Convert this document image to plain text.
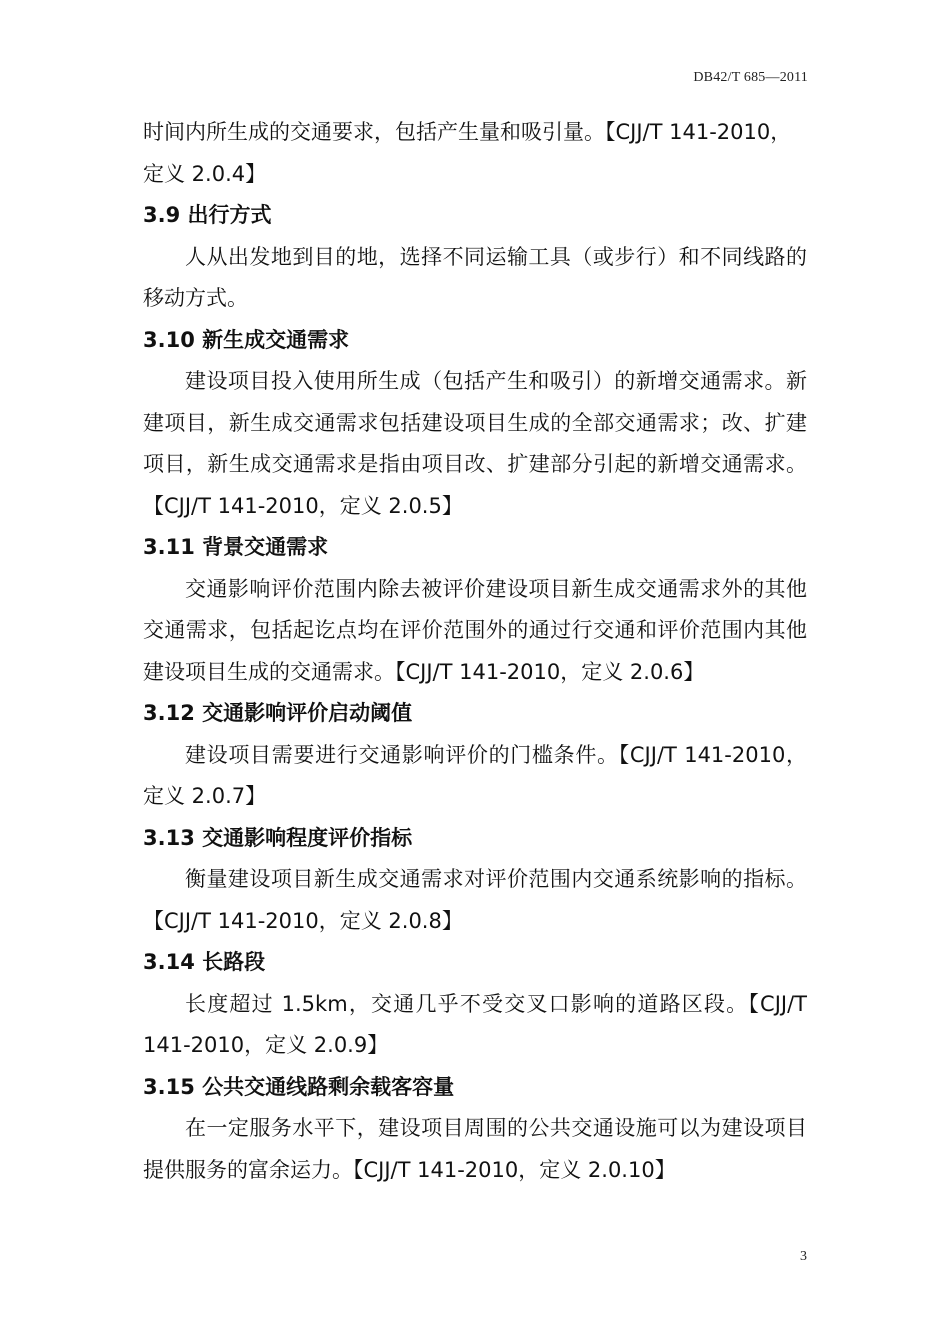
DB42/T 685—2011

时间内所生成的交通要求，包括产生量和吸引量。【CJJ/T 141-2010，定义 2.0.4】

3.9 出行方式

人从出发地到目的地，选择不同运输工具（或步行）和不同线路的移动方式。

3.10 新生成交通需求

建设项目投入使用所生成（包括产生和吸引）的新增交通需求。新建项目，新生成交通需求包括建设项目生成的全部交通需求；改、扩建项目，新生成交通需求是指由项目改、扩建部分引起的新增交通需求。【CJJ/T 141-2010，定义 2.0.5】

3.11 背景交通需求

交通影响评价范围内除去被评价建设项目新生成交通需求外的其他交通需求，包括起讫点均在评价范围外的通过行交通和评价范围内其他建设项目生成的交通需求。【CJJ/T 141-2010，定义 2.0.6】

3.12 交通影响评价启动阈值

建设项目需要进行交通影响评价的门槛条件。【CJJ/T 141-2010，定义 2.0.7】

3.13 交通影响程度评价指标

衡量建设项目新生成交通需求对评价范围内交通系统影响的指标。【CJJ/T 141-2010，定义 2.0.8】

3.14 长路段

长度超过 1.5km，交通几乎不受交叉口影响的道路区段。【CJJ/T 141-2010，定义 2.0.9】

3.15 公共交通线路剩余载客容量

在一定服务水平下，建设项目周围的公共交通设施可以为建设项目提供服务的富余运力。【CJJ/T 141-2010，定义 2.0.10】

3
